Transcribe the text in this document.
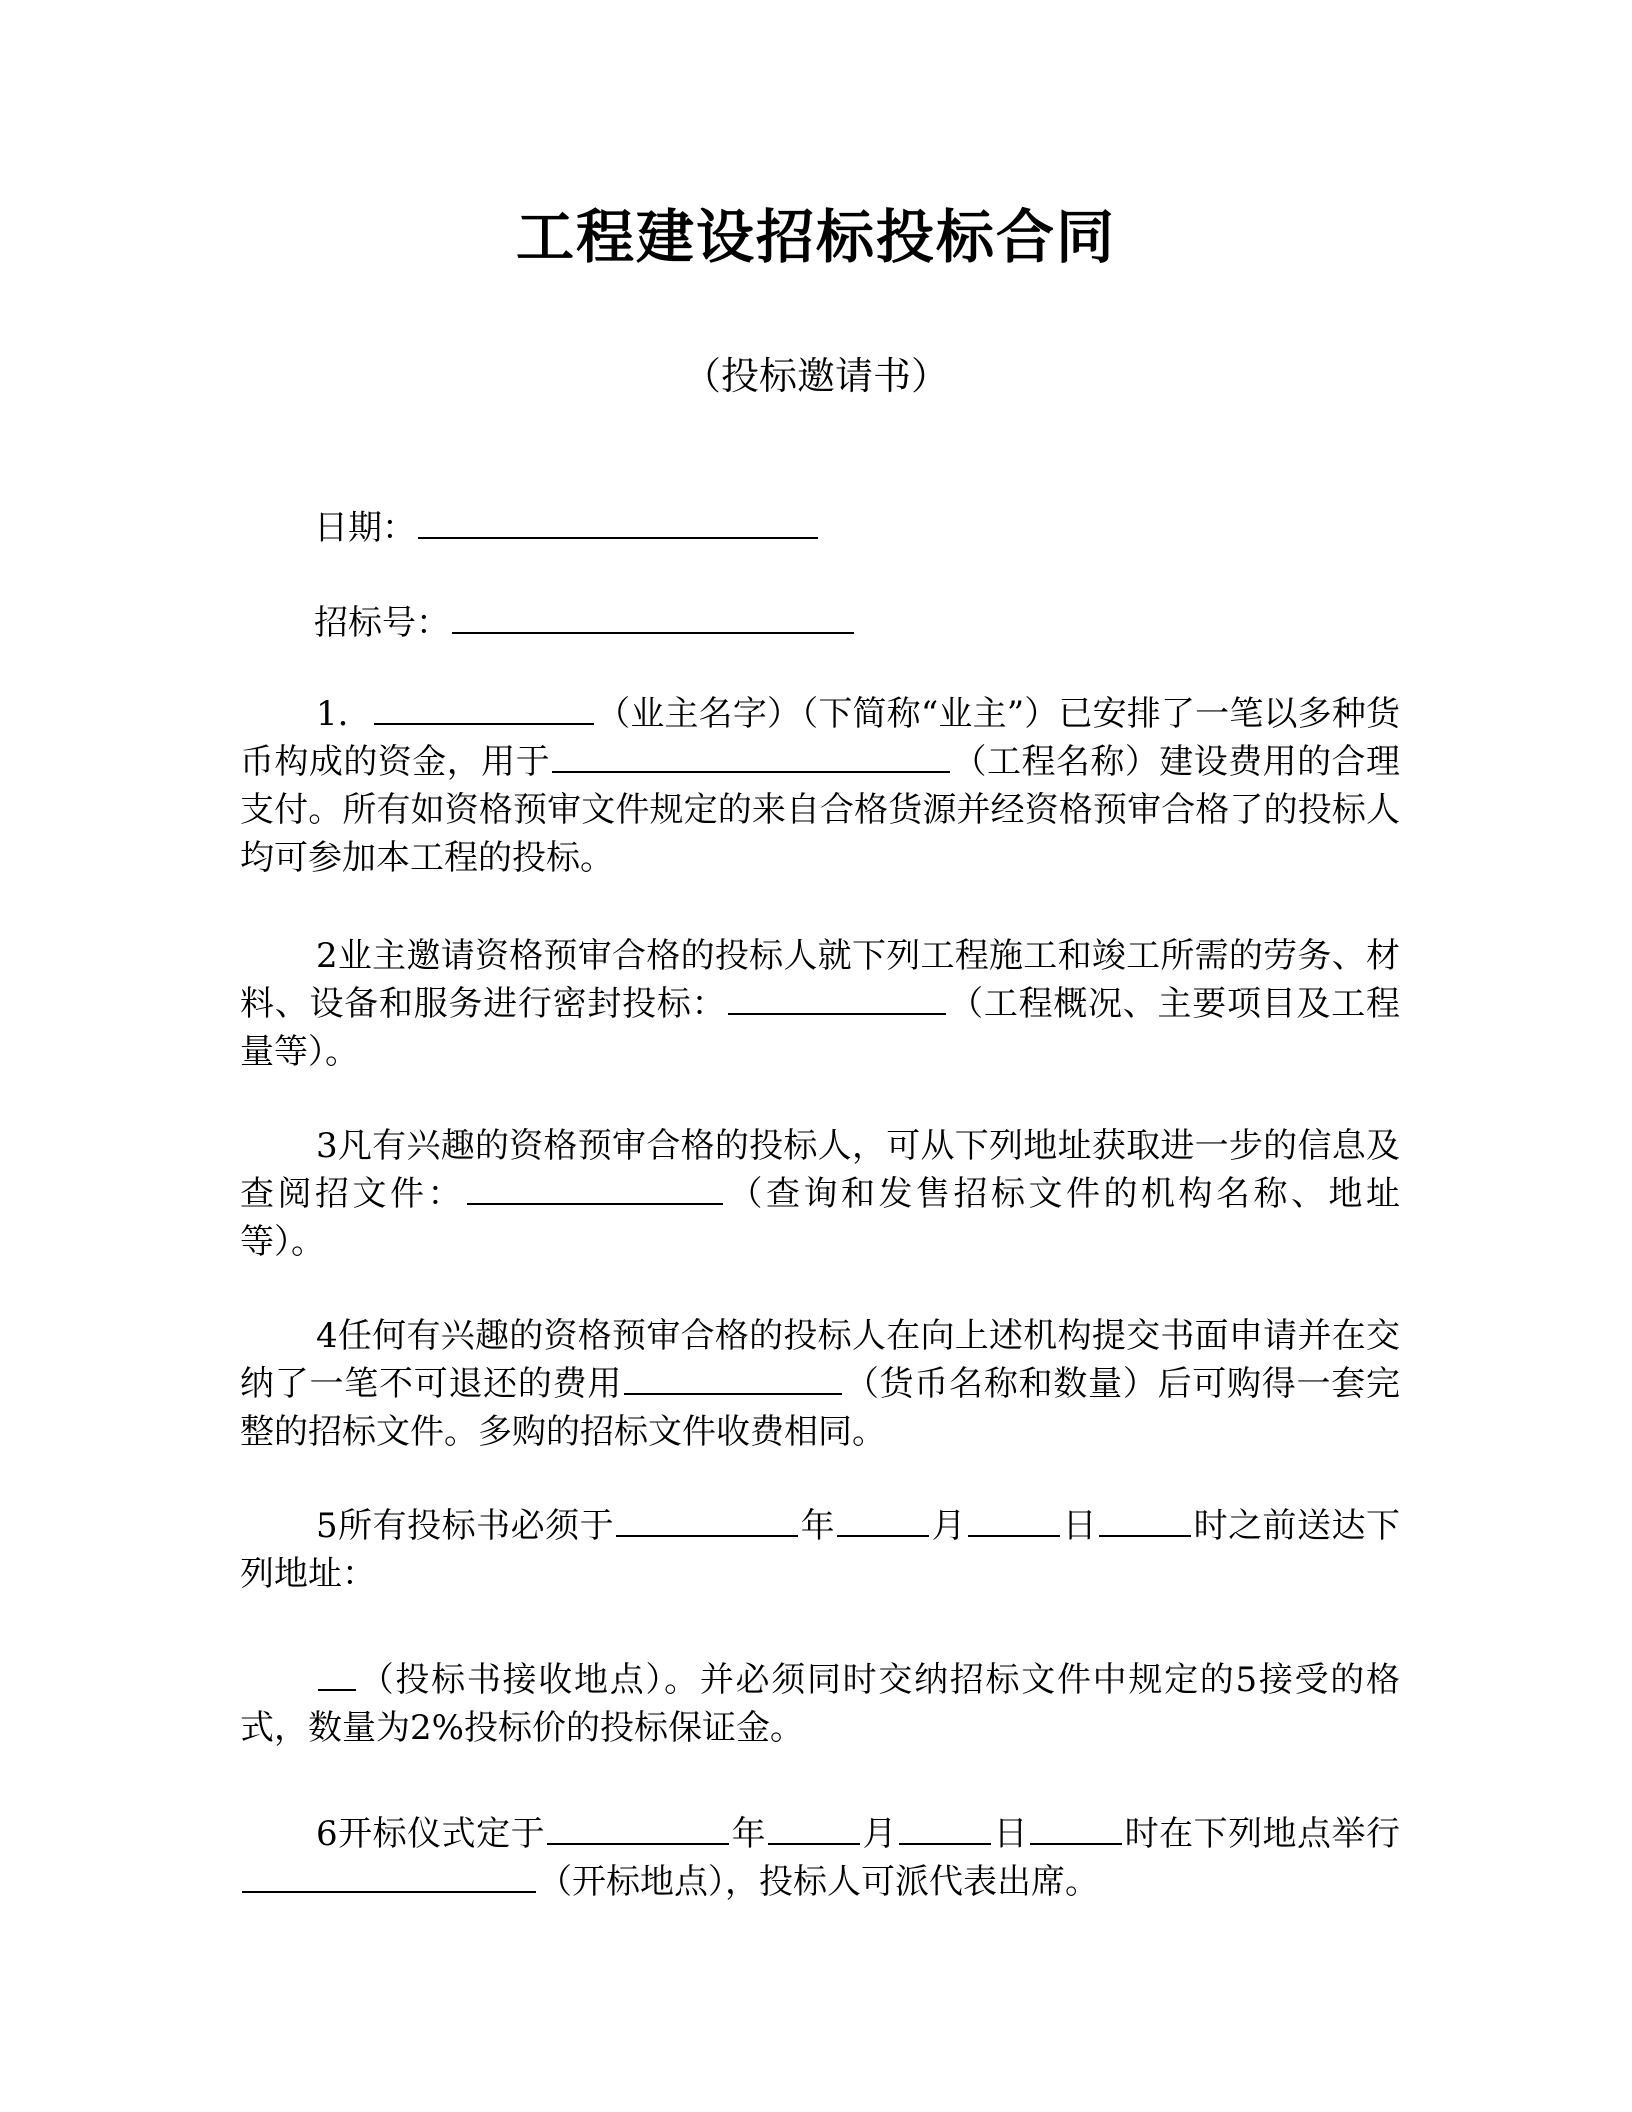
工程建设招标投标合同
（投标邀请书）
日期：
招标号：
1．	（业主名字）（下简称“业主”）已安排了一笔以多种货币构成的资金，用于	（工程名称）建设费用的合理支付。所有如资格预审文件规定的来自合格货源并经资格预审合格了的投标人均可参加本工程的投标。
2业主邀请资格预审合格的投标人就下列工程施工和竣工所需的劳务、材料、设备和服务进行密封投标：	（工程概况、主要项目及工程量等）。
3凡有兴趣的资格预审合格的投标人，可从下列地址获取进一步的信息及查阅招文件：	（查询和发售招标文件的机构名称、地址等）。
4任何有兴趣的资格预审合格的投标人在向上述机构提交书面申请并在交纳了一笔不可退还的费用	（货币名称和数量）后可购得一套完整的招标文件。多购的招标文件收费相同。
5所有投标书必须于	年	月	日	时之前送达下列地址：
（投标书接收地点）。并必须同时交纳招标文件中规定的5接受的格式，数量为2%投标价的投标保证金。
6开标仪式定于	年	月	日	时在下列地点举行（开标地点），投标人可派代表出席。
